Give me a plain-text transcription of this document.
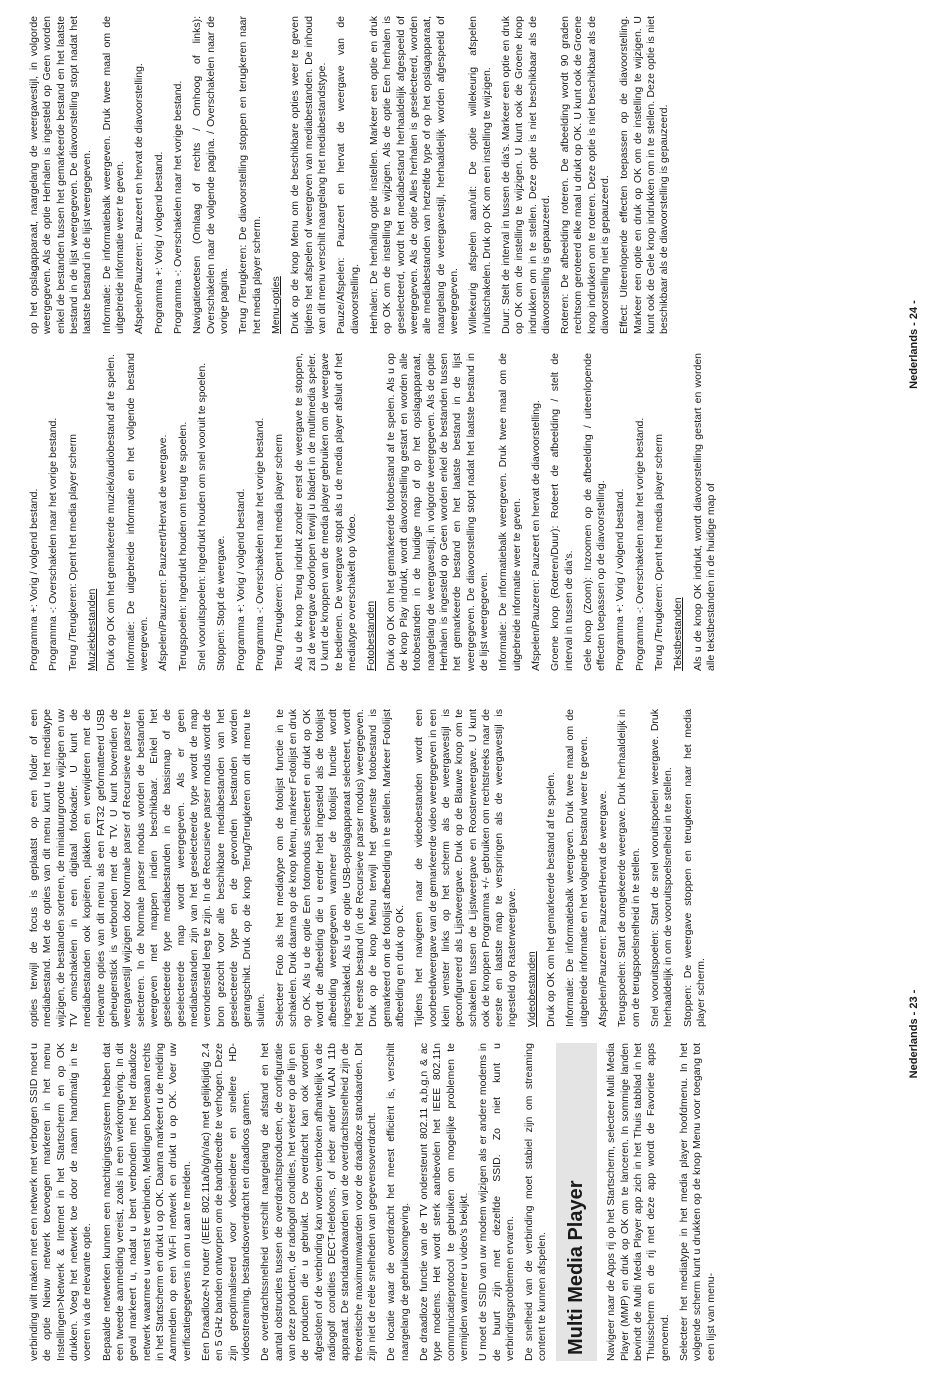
verbinding wilt maken met een netwerk met verborgen SSID moet u de optie Nieuw netwerk toevoegen markeren in het menu Instellingen>Netwerk & Internet in het Startscherm en op OK drukken. Voeg het netwerk toe door de naam handmatig in te voeren via de relevante optie. Bepaalde netwerken kunnen een machtigingssysteem hebben dat een tweede aanmelding vereist, zoals in een werkomgeving. In dit geval markeert u, nadat u bent verbonden met het draadloze netwerk waarmee u wenst te verbinden, Meldingen bovenaan rechts in het Startscherm en drukt u op OK. Daarna markeert u de melding Aanmelden op een Wi-Fi netwerk en drukt u op OK. Voer uw verificatiegegevens in om u aan te melden. Een Draadloze-N router (IEEE 802.11a/b/g/n/ac) met gelijktijdig 2.4 en 5 GHz banden ontworpen om de bandbreedte te verhogen. Deze zijn geoptimaliseerd voor vloeiendere en snellere HD-videostreaming, bestandsoverdracht en draadloos gamen. De overdrachtssnelheid verschilt naargelang de afstand en het aantal obstructies tussen de overdrachtsproducten, de configuratie van deze producten, de radiogolf condities, het verkeer op de lijn en de producten die u gebruikt. De overdracht kan ook worden afgesloten of de verbinding kan worden verbroken afhankelijk va de radiogolf condities DECT-telefoons, of ieder ander WLAN 11b apparaat. De standaardwaarden van de overdrachtssnelheid zijn de theoretische maximumwaarden voor de draadloze standaarden. Dit zijn niet de reële snelheden van gegevensoverdracht. De locatie waar de overdracht het meest efficiënt is, verschilt naargelang de gebruiksomgeving. De draadloze functie van de TV ondersteunt 802.11 a,b,g,n & ac type modems. Het wordt sterk aanbevolen het IEEE 802.11n communicatieprotocol te gebruiken om mogelijke problemen te vermijden wanneer u video's bekijkt. U moet de SSID van uw modem wijzigen als er andere modems in de buurt zijn met dezelfde SSID. Zo niet kunt u verbindingsproblemen ervaren. De snelheid van de verbinding moet stabiel zijn om streaming content te kunnen afspelen. Multi Media Player Navigeer naar de Apps rij op het Startscherm, selecteer Multi Media Player (MMP) en druk op OK om te lanceren. In sommige landen bevindt de Multi Media Player app zich in het Thuis tabblad in het Thuisscherm en de rij met deze app wordt de Favoriete apps genoemd. Selecteer het mediatype in het media player hoofdmenu. In het volgende scherm kunt u drukken op de knop Menu voor toegang tot een lijst van menu-

opties terwijl de focus is geplaatst op een folder of een mediabestand. Met de opties van dit menu kunt u het mediatype wijzigen, de bestanden sorteren, de miniatuurgrootte wijzigen en uw TV omschakelen in een digitaal fotokader. U kunt de mediabestanden ook kopiëren, plakken en verwijderen met de relevante opties van dit menu als een FAT32 geformatteerd USB geheugenstick is verbonden met de TV. U kunt bovendien de weergavestijl wijzigen door Normale parser of Recursieve parser te selecteren. In de Normale parser modus worden de bestanden weergeven met mappen indien beschikbaar. Enkel het geselecteerde type mediabestanden in de basismap of de geselecteerde map wordt weergegeven. Als er geen mediabestanden zijn van het geselecteerde type wordt de map verondersteld leeg te zijn. In de Recursieve parser modus wordt de bron gezocht voor alle beschikbare mediabestanden van het geselecteerde type en de gevonden bestanden worden gerangschikt. Druk op de knop Terug/Terugkeren om dit menu te sluiten. Selecteer Foto als het mediatype om de fotolijst functie in te schakelen. Druk daarna op de knop Menu, markeer Fotolijst en druk op OK. Als u de optie Een fotomodus selecteert en drukt op OK wordt de afbeelding die u eerder hebt ingesteld als de fotolijst afbeelding weergegeven wanneer de fotolijst functie wordt ingeschakeld. Als u de optie USB-opslagapparaat selecteert, wordt het eerste bestand (in de Recursieve parser modus) weergegeven. Druk op de knop Menu terwijl het gewenste fotobestand is gemarkeerd om de fotolijst afbeelding in te stellen. Markeer Fotolijst afbeelding en druk op OK. Tijdens het navigeren naar de videobestanden wordt een voorbeeldweergave van de gemarkeerde video weergegeven in een klein venster links op het scherm als de weergavestijl is geconfigureerd als Lijstweergave. Druk op de Blauwe knop om te schakelen tussen de Lijstweergave en Roosterweergave. U kunt ook de knoppen Programma +/- gebruiken om rechtstreeks naar de eerste en laatste map te verspringen als de weergavestijl is ingesteld op Rasterweergave. Videobestanden Druk op OK om het gemarkeerde bestand af te spelen. Informatie: De informatiebalk weergeven. Druk twee maal om de uitgebreide informatie en het volgende bestand weer te geven. Afspelen/Pauzeren: Pauzeert/Hervat de weergave. Terugspoelen: Start de omgekeerde weergave. Druk herhaaldelijk in om de terugspoelsnelheid in te stellen. Snel vooruitspoelen: Start de snel vooruitspoelen weergave. Druk herhaaldelijk in om de vooruitspoelsnelheid in te stellen. Stoppen: De weergave stoppen en terugkeren naar het media player scherm.	Nederlands - 23 -

Programma +: Vorig / volgend bestand. Programma -: Overschakelen naar het vorige bestand. Terug /Terugkeren: Opent het media player scherm Muziekbestanden Druk op OK om het gemarkeerde muziek/audiobestand af te spelen. Informatie: De uitgebreide informatie en het volgende bestand weergeven. Afspelen/Pauzeren: Pauzeert/Hervat de weergave. Terugspoelen: Ingedrukt houden om terug te spoelen. Snel vooruitspoelen: Ingedrukt houden om snel vooruit te spoelen. Stoppen: Stopt de weergave. Programma +: Vorig / volgend bestand. Programma -: Overschakelen naar het vorige bestand. Terug /Terugkeren: Opent het media player scherm Als u de knop Terug indrukt zonder eerst de weergave te stoppen, zal de weergave doorlopen terwijl u bladert in de multimedia speler. U kunt de knoppen van de media player gebruiken om de weergave te bedienen. De weergave stopt als u de media player afsluit of het mediatype overschakelt op Video. Fotobestanden Druk op OK om het gemarkeerde fotobestand af te spelen. Als u op de knop Play indrukt, wordt diavoorstelling gestart en worden alle fotobestanden in de huidige map of op het opslagapparaat, naargelang de weergavestijl, in volgorde weergegeven. Als de optie Herhalen is ingesteld op Geen worden enkel de bestanden tussen het gemarkeerde bestand en het laatste bestand in de lijst weergegeven. De diavoorstelling stopt nadat het laatste bestand in de lijst weergegeven. Informatie: De informatiebalk weergeven. Druk twee maal om de uitgebreide informatie weer te geven. Afspelen/Pauzeren: Pauzeert en hervat de diavoorstelling. Groene knop (Roteren/Duur): Roteert de afbeelding / stelt de interval in tussen de dia's. Gele knop (Zoom): Inzoomen op de afbeelding / uiteenlopende effecten toepassen op de diavoorstelling. Programma +: Vorig / volgend bestand. Programma -: Overschakelen naar het vorige bestand. Terug /Terugkeren: Opent het media player scherm Tekstbestanden Als u de knop OK indrukt, wordt diavoorstelling gestart en worden alle tekstbestanden in de huidige map of

op het opslagapparaat, naargelang de weergavestijl, in volgorde weergegeven. Als de optie Herhalen is ingesteld op Geen worden enkel de bestanden tussen het gemarkeerde bestand en het laatste bestand in de lijst weergegeven. De diavoorstelling stopt nadat het laatste bestand in de lijst weergegeven. Informatie: De informatiebalk weergeven. Druk twee maal om de uitgebreide informatie weer te geven. Afspelen/Pauzeren: Pauzeert en hervat de diavoorstelling. Programma +: Vorig / volgend bestand. Programma -: Overschakelen naar het vorige bestand. Navigatietoetsen (Omlaag of rechts / Omhoog of links): Overschakelen naar de volgende pagina. / Overschakelen naar de vorige pagina. Terug /Terugkeren: De diavoorstelling stoppen en terugkeren naar het media player scherm. Menu-opties Druk op de knop Menu om de beschikbare opties weer te geven tijdens het afspelen of weergeven van mediabestanden. De inhoud van dit menu verschilt naargelang het mediabestandstype. Pauze/Afspelen: Pauzeert en hervat de weergave van de diavoorstelling. Herhalen: De herhaling optie instellen. Markeer een optie en druk op OK om de instelling te wijzigen. Als de optie Een herhalen is geselecteerd, wordt het mediabestand herhaaldelijk afgespeeld of weergegeven. Als de optie Alles herhalen is geselecteerd, worden alle mediabestanden van hetzelfde type of op het opslagapparaat, naargelang de weergavestijl, herhaaldelijk worden afgespeeld of weergegeven. Willekeurig afspelen aan/uit: De optie willekeurig afspelen in/uitschakelen. Druk op OK om een instelling te wijzigen. Duur: Stelt de interval in tussen de dia's. Markeer een optie en druk op OK om de instelling te wijzigen. U kunt ook de Groene knop indrukken om in te stellen. Deze optie is niet beschikbaar als de diavoorstelling is gepauzeerd. Roteren: De afbeelding roteren. De afbeelding wordt 90 graden rechtsom geroteerd elke maal u drukt op OK. U kunt ook de Groene knop indrukken om te roteren. Deze optie is niet beschikbaar als de diavoorstelling niet is gepauzeerd. Effect: Uiteenlopende effecten toepassen op de diavoorstelling. Markeer een optie en druk op OK om de instelling te wijzigen. U kunt ook de Gele knop indrukken om in te stellen. Deze optie is niet beschikbaar als de diavoorstelling is gepauzeerd.

Nederlands - 24 -
